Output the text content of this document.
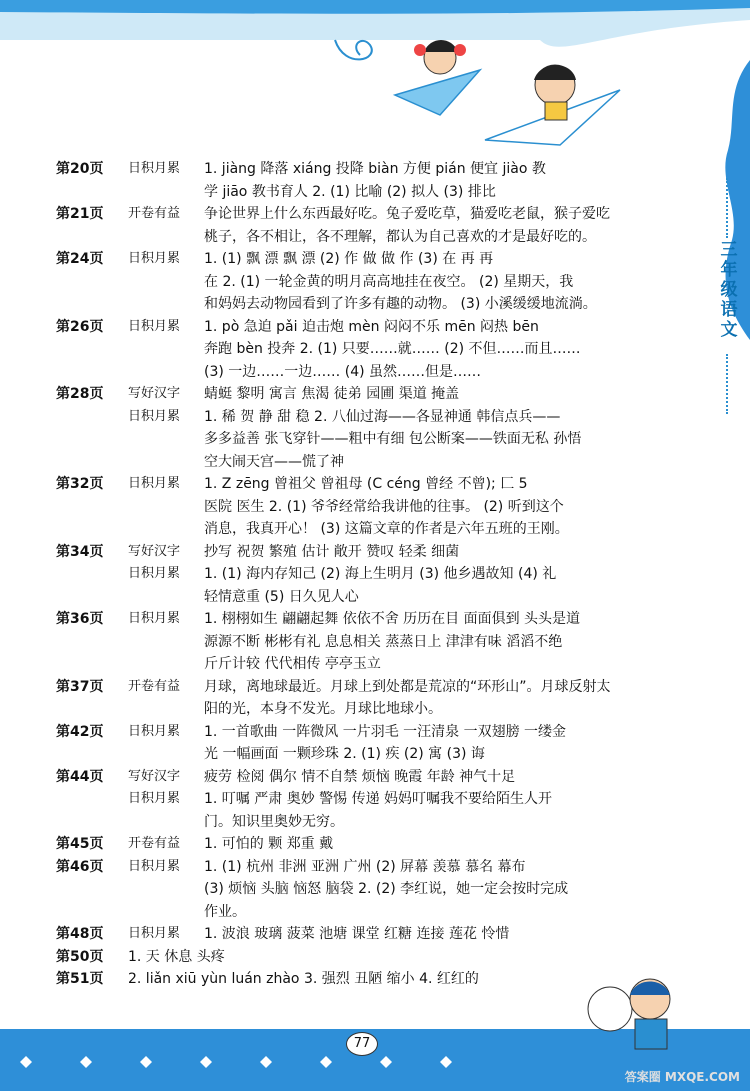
三
年
级
语
文
第20页	日积月累	1. jiàng 降落 xiáng 投降 biàn 方便 pián 便宜 jiào 教
学 jiāo 教书育人 2. (1) 比喻 (2) 拟人 (3) 排比
第21页	开卷有益	争论世界上什么东西最好吃。兔子爱吃草，猫爱吃老鼠，猴子爱吃
桃子，各不相让，各不理解，都认为自己喜欢的才是最好吃的。
第24页	日积月累	1. (1) 飘 漂 飘 漂 (2) 作 做 做 作 (3) 在 再 再
在 2. (1) 一轮金黄的明月高高地挂在夜空。 (2) 星期天，我
和妈妈去动物园看到了许多有趣的动物。 (3) 小溪缓缓地流淌。
第26页	日积月累	1. pò 急迫 pǎi 迫击炮 mèn 闷闷不乐 mēn 闷热 bēn
奔跑 bèn 投奔 2. (1) 只要……就…… (2) 不但……而且……
(3) 一边……一边…… (4) 虽然……但是……
第28页	写好汉字	蜻蜓 黎明 寓言 焦渴 徒弟 园圃 渠道 掩盖
日积月累	1. 稀 贺 静 甜 稳 2. 八仙过海——各显神通 韩信点兵——
多多益善 张飞穿针——粗中有细 包公断案——铁面无私 孙悟
空大闹天宫——慌了神
第32页	日积月累	1. Z zēng 曾祖父 曾祖母 (C céng 曾经 不曾); 匚 5
医院 医生 2. (1) 爷爷经常给我讲他的往事。 (2) 听到这个
消息，我真开心！ (3) 这篇文章的作者是六年五班的王刚。
第34页	写好汉字	抄写 祝贺 繁殖 估计 敞开 赞叹 轻柔 细菌
日积月累	1. (1) 海内存知己 (2) 海上生明月 (3) 他乡遇故知 (4) 礼
轻情意重 (5) 日久见人心
第36页	日积月累	1. 栩栩如生 翩翩起舞 依依不舍 历历在目 面面俱到 头头是道
源源不断 彬彬有礼 息息相关 蒸蒸日上 津津有味 滔滔不绝
斤斤计较 代代相传 亭亭玉立
第37页	开卷有益	月球，离地球最近。月球上到处都是荒凉的“环形山”。月球反射太
阳的光，本身不发光。月球比地球小。
第42页	日积月累	1. 一首歌曲 一阵微风 一片羽毛 一汪清泉 一双翅膀 一缕金
光 一幅画面 一颗珍珠 2. (1) 疾 (2) 寓 (3) 诲
第44页	写好汉字	疲劳 检阅 偶尔 情不自禁 烦恼 晚霞 年龄 神气十足
日积月累	1. 叮嘱 严肃 奥妙 警惕 传递 妈妈叮嘱我不要给陌生人开
门。知识里奥妙无穷。
第45页	开卷有益	1. 可怕的 颗 郑重 戴
第46页	日积月累	1. (1) 杭州 非洲 亚洲 广州 (2) 屏幕 羡慕 慕名 幕布
(3) 烦恼 头脑 恼怒 脑袋 2. (2) 李红说，她一定会按时完成
作业。
第48页	日积月累	1. 波浪 玻璃 菠菜 池塘 课堂 红糖 连接 莲花 怜惜
第50页	1. 天 休息 头疼
第51页	2. liǎn xiū yùn luán zhào 3. 强烈 丑陋 缩小 4. 红红的
77
答案圈 MXQE.COM
